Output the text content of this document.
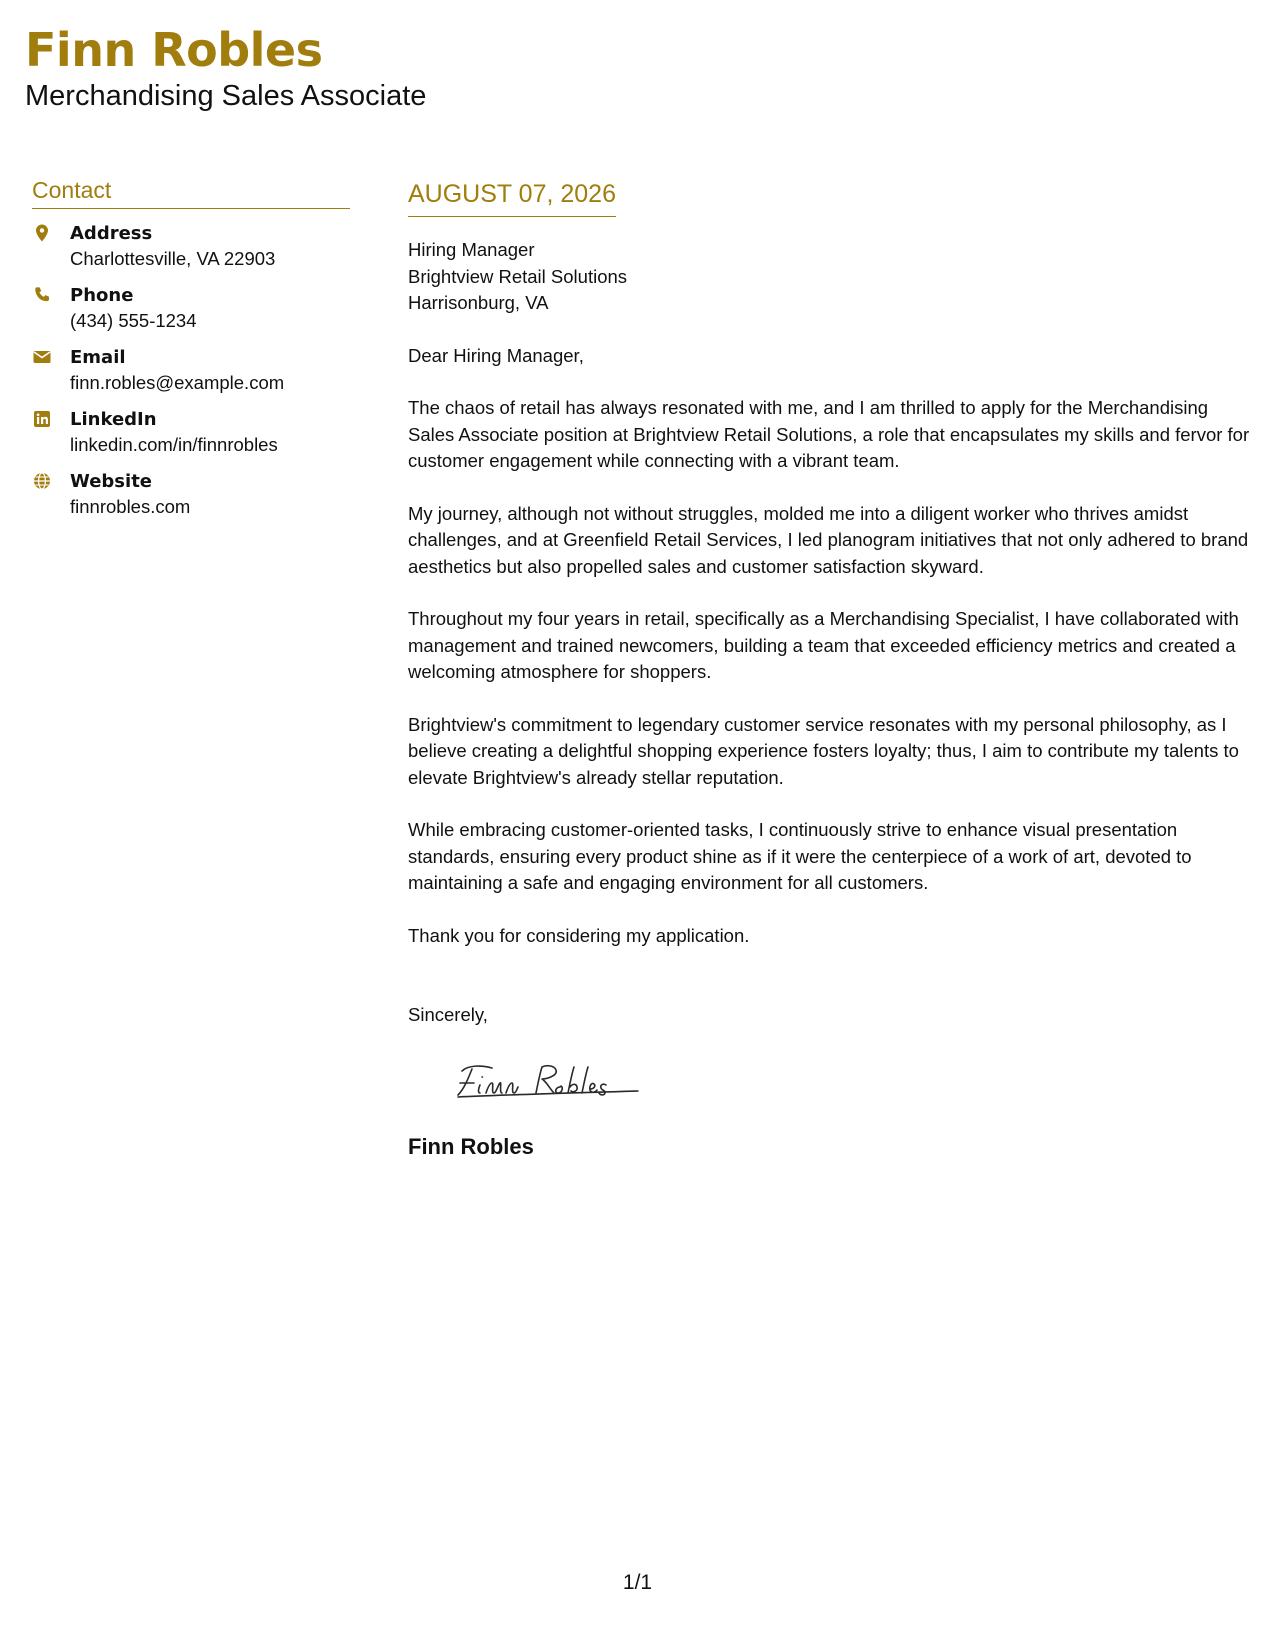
Finn Robles
Merchandising Sales Associate
Contact
Address
Charlottesville, VA 22903
Phone
(434) 555-1234
Email
finn.robles@example.com
LinkedIn
linkedin.com/in/finnrobles
Website
finnrobles.com
AUGUST 07, 2026
Hiring Manager
Brightview Retail Solutions
Harrisonburg, VA
Dear Hiring Manager,
The chaos of retail has always resonated with me, and I am thrilled to apply for the Merchandising Sales Associate position at Brightview Retail Solutions, a role that encapsulates my skills and fervor for customer engagement while connecting with a vibrant team.
My journey, although not without struggles, molded me into a diligent worker who thrives amidst challenges, and at Greenfield Retail Services, I led planogram initiatives that not only adhered to brand aesthetics but also propelled sales and customer satisfaction skyward.
Throughout my four years in retail, specifically as a Merchandising Specialist, I have collaborated with management and trained newcomers, building a team that exceeded efficiency metrics and created a welcoming atmosphere for shoppers.
Brightview's commitment to legendary customer service resonates with my personal philosophy, as I believe creating a delightful shopping experience fosters loyalty; thus, I aim to contribute my talents to elevate Brightview's already stellar reputation.
While embracing customer-oriented tasks, I continuously strive to enhance visual presentation standards, ensuring every product shine as if it were the centerpiece of a work of art, devoted to maintaining a safe and engaging environment for all customers.
Thank you for considering my application.
Sincerely,
Finn Robles
1/1
